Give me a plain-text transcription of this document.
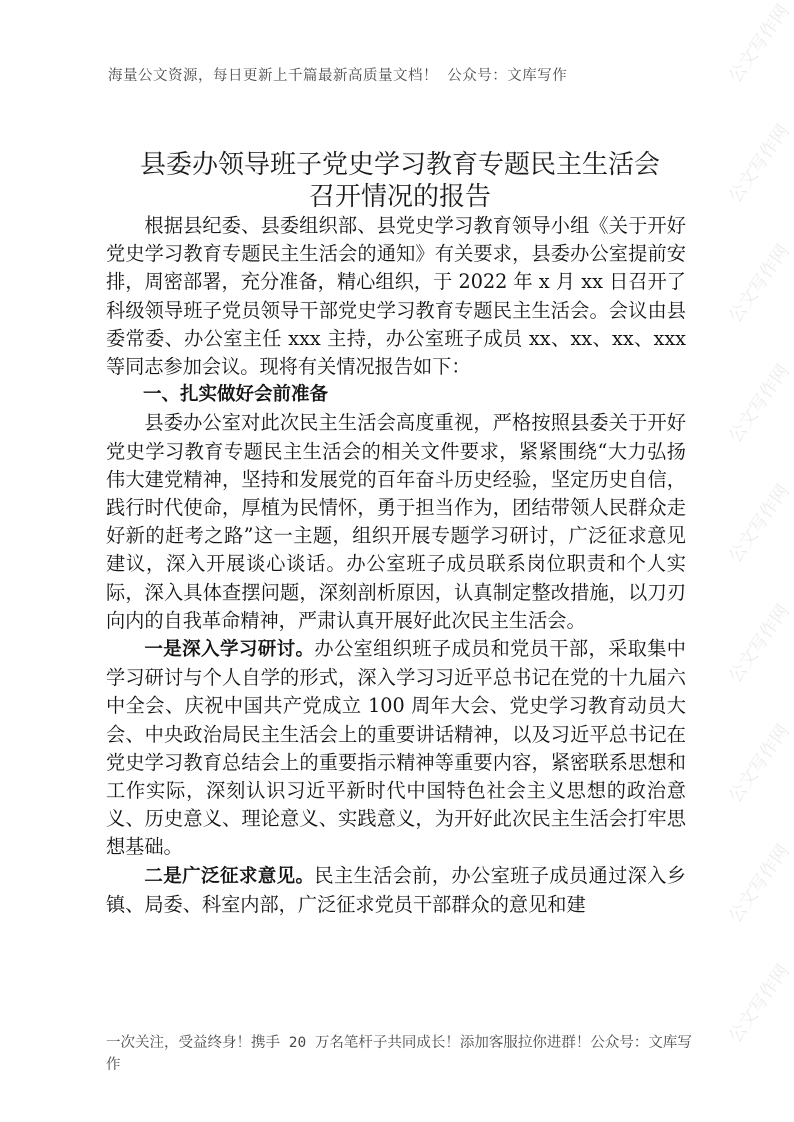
公文写作网
公文写作网
公文写作网
公文写作网
公文写作网
公文写作网
公文写作网
公文写作网
公文写作网
海量公文资源，每日更新上千篇最新高质量文档！ 公众号：文库写作
县委办领导班子党史学习教育专题民主生活会
召开情况的报告

根据县纪委、县委组织部、县党史学习教育领导小组《关于开好党史学习教育专题民主生活会的通知》有关要求，县委办公室提前安排，周密部署，充分准备，精心组织，于 2022 年 x 月 xx 日召开了科级领导班子党员领导干部党史学习教育专题民主生活会。会议由县委常委、办公室主任 xxx 主持，办公室班子成员 xx、xx、xx、xxx 等同志参加会议。现将有关情况报告如下：

一、扎实做好会前准备

县委办公室对此次民主生活会高度重视，严格按照县委关于开好党史学习教育专题民主生活会的相关文件要求，紧紧围绕“大力弘扬伟大建党精神，坚持和发展党的百年奋斗历史经验，坚定历史自信，践行时代使命，厚植为民情怀，勇于担当作为，团结带领人民群众走好新的赶考之路”这一主题，组织开展专题学习研讨，广泛征求意见建议，深入开展谈心谈话。办公室班子成员联系岗位职责和个人实际，深入具体查摆问题，深刻剖析原因，认真制定整改措施，以刀刃向内的自我革命精神，严肃认真开展好此次民主生活会。

一是深入学习研讨。办公室组织班子成员和党员干部，采取集中学习研讨与个人自学的形式，深入学习习近平总书记在党的十九届六中全会、庆祝中国共产党成立 100 周年大会、党史学习教育动员大会、中央政治局民主生活会上的重要讲话精神，以及习近平总书记在党史学习教育总结会上的重要指示精神等重要内容，紧密联系思想和工作实际，深刻认识习近平新时代中国特色社会主义思想的政治意义、历史意义、理论意义、实践意义，为开好此次民主生活会打牢思想基础。

二是广泛征求意见。民主生活会前，办公室班子成员通过深入乡镇、局委、科室内部，广泛征求党员干部群众的意见和建

一次关注，受益终身！携手 20 万名笔杆子共同成长！添加客服拉你进群！公众号：文库写作
